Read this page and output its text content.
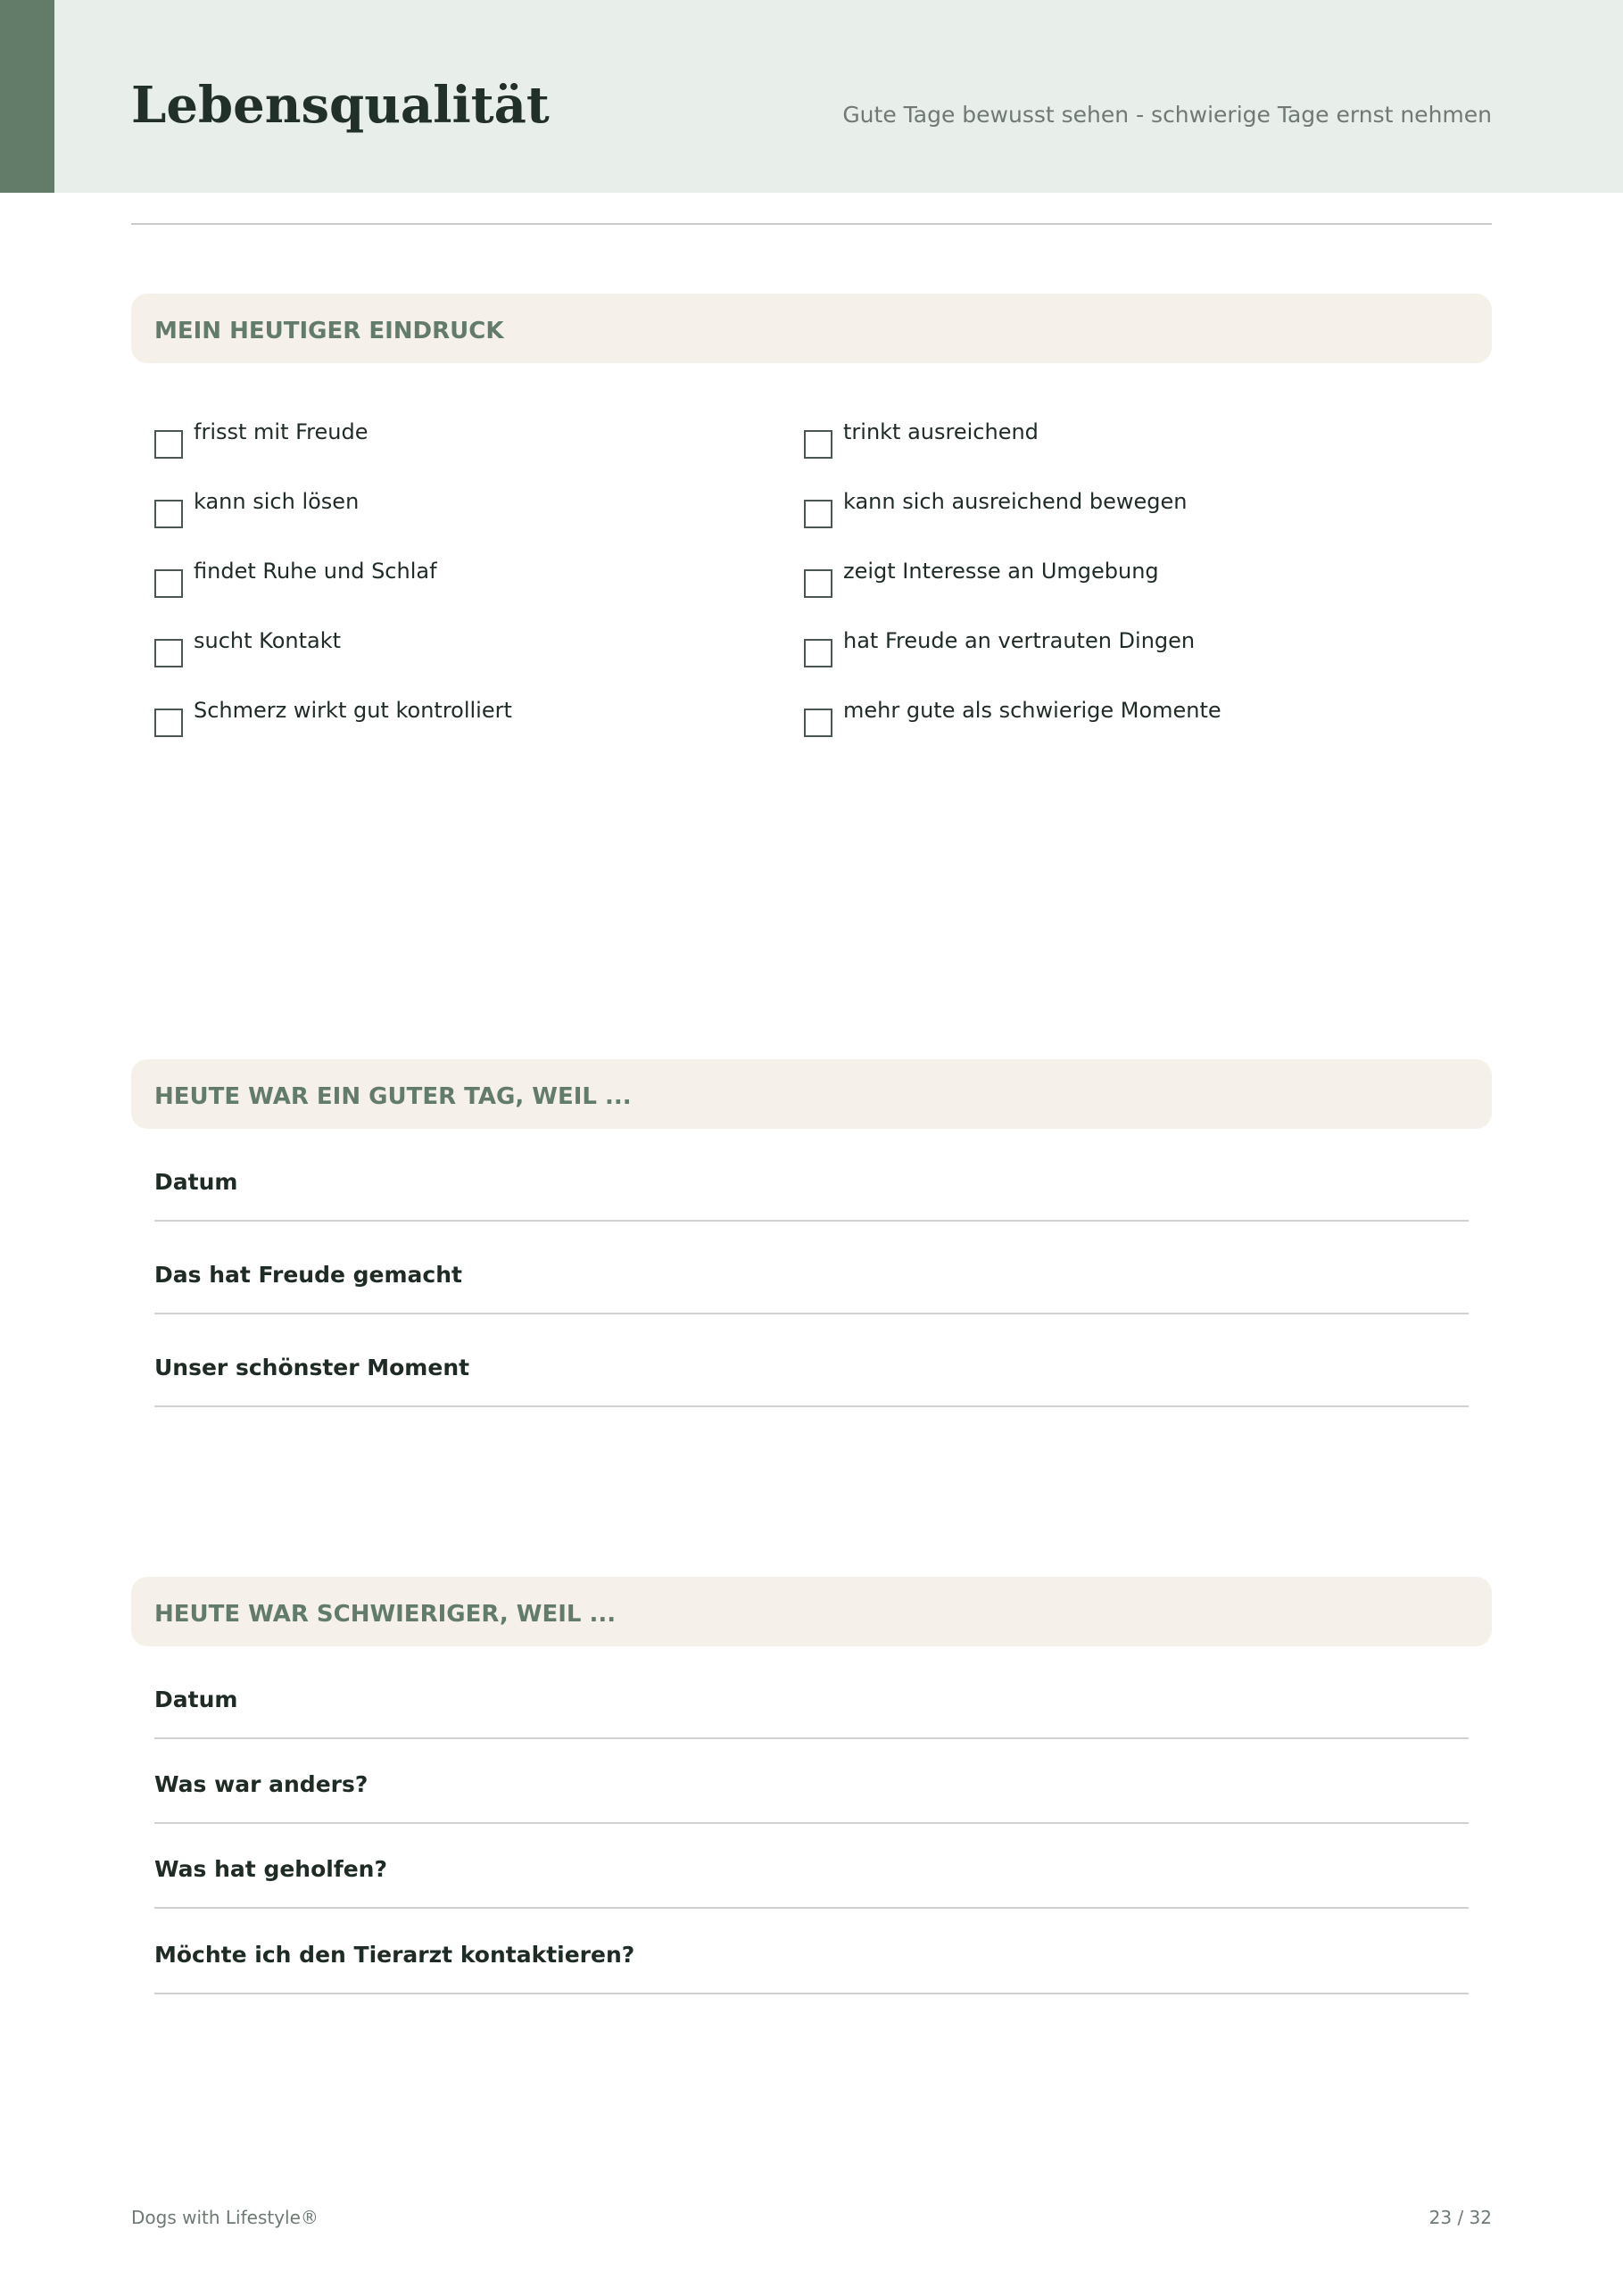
Lebensqualität	Gute Tage bewusst sehen - schwierige Tage ernst nehmen
MEIN HEUTIGER EINDRUCK
frisst mit Freude
kann sich lösen
findet Ruhe und Schlaf
sucht Kontakt
Schmerz wirkt gut kontrolliert
trinkt ausreichend
kann sich ausreichend bewegen
zeigt Interesse an Umgebung
hat Freude an vertrauten Dingen
mehr gute als schwierige Momente
HEUTE WAR EIN GUTER TAG, WEIL ...
Datum
Das hat Freude gemacht
Unser schönster Moment
HEUTE WAR SCHWIERIGER, WEIL ...
Datum
Was war anders?
Was hat geholfen?
Möchte ich den Tierarzt kontaktieren?
Dogs with Lifestyle®	23 / 32
